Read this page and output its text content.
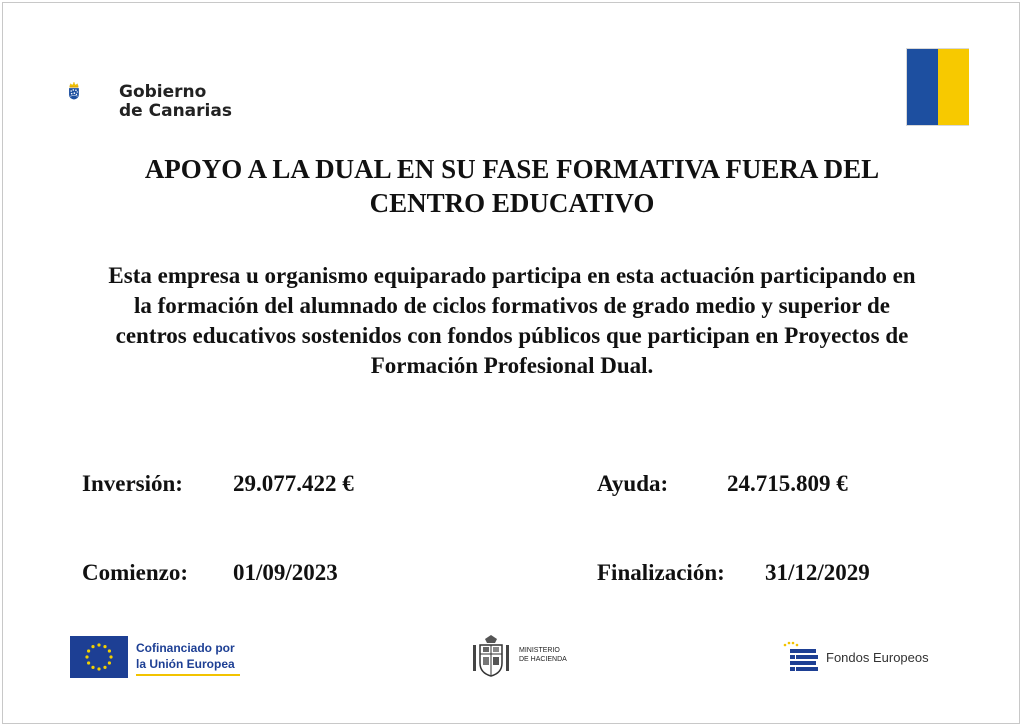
Gobierno
de Canarias
APOYO A LA DUAL EN SU FASE FORMATIVA FUERA DEL
CENTRO EDUCATIVO

Esta empresa u organismo equiparado participa en esta actuación participando en
la formación del alumnado de ciclos formativos de grado medio y superior de
centros educativos sostenidos con fondos públicos que participan en Proyectos de
Formación Profesional Dual.

Inversión: 29.077.422 €	Ayuda:	24.715.809 €
Comienzo: 01/09/2023	Finalización: 31/12/2029
Cofinanciado por
la Unión Europea
MINISTERIO
DE HACIENDA	Fondos Europeos
